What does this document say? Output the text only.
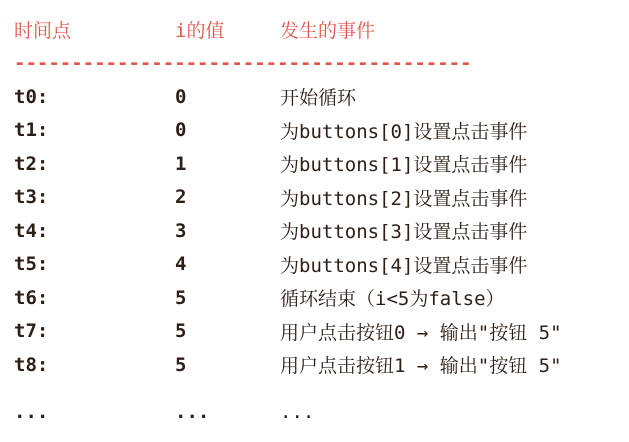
时间点	i的值	发生的事件
----------------------------------------
t0:	0	开始循环
t1:	0	为buttons[0]设置点击事件
t2:	1	为buttons[1]设置点击事件
t3:	2	为buttons[2]设置点击事件
t4:	3	为buttons[3]设置点击事件
t5:	4	为buttons[4]设置点击事件
t6:	5	循环结束（i<5为false）
t7:	5	用户点击按钮0 → 输出"按钮 5"
t8:	5	用户点击按钮1 → 输出"按钮 5"
...	...	...
